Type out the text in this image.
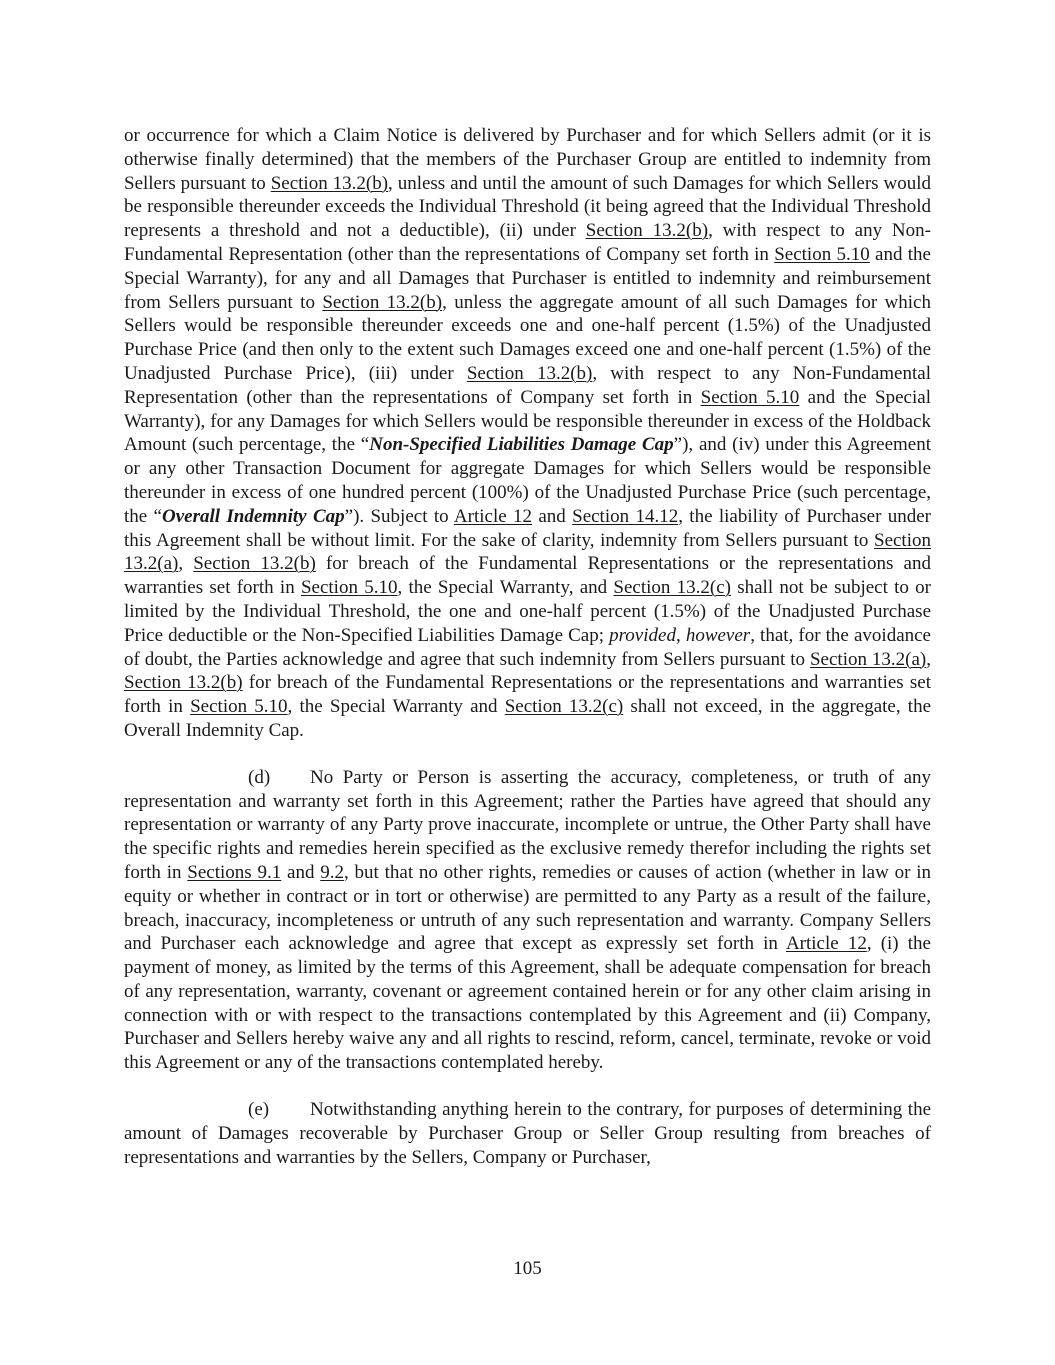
or occurrence for which a Claim Notice is delivered by Purchaser and for which Sellers admit (or it is otherwise finally determined) that the members of the Purchaser Group are entitled to indemnity from Sellers pursuant to Section 13.2(b), unless and until the amount of such Damages for which Sellers would be responsible thereunder exceeds the Individual Threshold (it being agreed that the Individual Threshold represents a threshold and not a deductible), (ii) under Section 13.2(b), with respect to any Non-Fundamental Representation (other than the representations of Company set forth in Section 5.10 and the Special Warranty), for any and all Damages that Purchaser is entitled to indemnity and reimbursement from Sellers pursuant to Section 13.2(b), unless the aggregate amount of all such Damages for which Sellers would be responsible thereunder exceeds one and one-half percent (1.5%) of the Unadjusted Purchase Price (and then only to the extent such Damages exceed one and one-half percent (1.5%) of the Unadjusted Purchase Price), (iii) under Section 13.2(b), with respect to any Non-Fundamental Representation (other than the representations of Company set forth in Section 5.10 and the Special Warranty), for any Damages for which Sellers would be responsible thereunder in excess of the Holdback Amount (such percentage, the “Non-Specified Liabilities Damage Cap”), and (iv) under this Agreement or any other Transaction Document for aggregate Damages for which Sellers would be responsible thereunder in excess of one hundred percent (100%) of the Unadjusted Purchase Price (such percentage, the “Overall Indemnity Cap”). Subject to Article 12 and Section 14.12, the liability of Purchaser under this Agreement shall be without limit. For the sake of clarity, indemnity from Sellers pursuant to Section 13.2(a), Section 13.2(b) for breach of the Fundamental Representations or the representations and warranties set forth in Section 5.10, the Special Warranty, and Section 13.2(c) shall not be subject to or limited by the Individual Threshold, the one and one-half percent (1.5%) of the Unadjusted Purchase Price deductible or the Non-Specified Liabilities Damage Cap; provided, however, that, for the avoidance of doubt, the Parties acknowledge and agree that such indemnity from Sellers pursuant to Section 13.2(a), Section 13.2(b) for breach of the Fundamental Representations or the representations and warranties set forth in Section 5.10, the Special Warranty and Section 13.2(c) shall not exceed, in the aggregate, the Overall Indemnity Cap.

(d) No Party or Person is asserting the accuracy, completeness, or truth of any representation and warranty set forth in this Agreement; rather the Parties have agreed that should any representation or warranty of any Party prove inaccurate, incomplete or untrue, the Other Party shall have the specific rights and remedies herein specified as the exclusive remedy therefor including the rights set forth in Sections 9.1 and 9.2, but that no other rights, remedies or causes of action (whether in law or in equity or whether in contract or in tort or otherwise) are permitted to any Party as a result of the failure, breach, inaccuracy, incompleteness or untruth of any such representation and warranty. Company Sellers and Purchaser each acknowledge and agree that except as expressly set forth in Article 12, (i) the payment of money, as limited by the terms of this Agreement, shall be adequate compensation for breach of any representation, warranty, covenant or agreement contained herein or for any other claim arising in connection with or with respect to the transactions contemplated by this Agreement and (ii) Company, Purchaser and Sellers hereby waive any and all rights to rescind, reform, cancel, terminate, revoke or void this Agreement or any of the transactions contemplated hereby.

(e) Notwithstanding anything herein to the contrary, for purposes of determining the amount of Damages recoverable by Purchaser Group or Seller Group resulting from breaches of representations and warranties by the Sellers, Company or Purchaser,

105
